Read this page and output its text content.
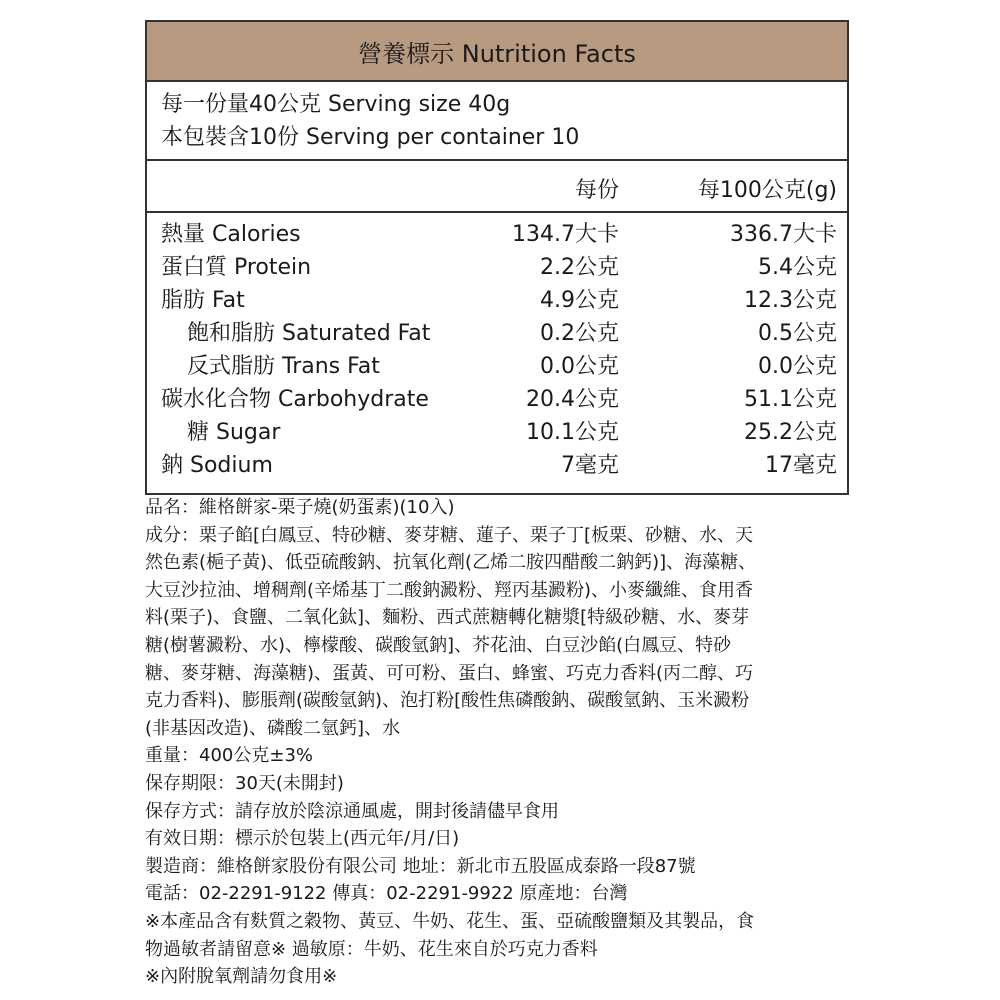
營養標示 Nutrition Facts
每一份量40公克 Serving size 40g
本包裝含10份 Serving per container 10
每份	每100公克(g)
熱量 Calories	134.7大卡	336.7大卡
蛋白質 Protein	2.2公克	5.4公克
脂肪 Fat	4.9公克	12.3公克
飽和脂肪 Saturated Fat	0.2公克	0.5公克
反式脂肪 Trans Fat	0.0公克	0.0公克
碳水化合物 Carbohydrate	20.4公克	51.1公克
糖 Sugar	10.1公克	25.2公克
鈉 Sodium	7毫克	17毫克
品名：維格餅家-栗子燒(奶蛋素)(10入)
成分：栗子餡[白鳳豆、特砂糖、麥芽糖、蓮子、栗子丁[板栗、砂糖、水、天
然色素(梔子黃)、低亞硫酸鈉、抗氧化劑(乙烯二胺四醋酸二鈉鈣)]、海藻糖、
大豆沙拉油、增稠劑(辛烯基丁二酸鈉澱粉、羥丙基澱粉)、小麥纖維、食用香
料(栗子)、食鹽、二氧化鈦]、麵粉、西式蔗糖轉化糖漿[特級砂糖、水、麥芽
糖(樹薯澱粉、水)、檸檬酸、碳酸氫鈉]、芥花油、白豆沙餡(白鳳豆、特砂
糖、麥芽糖、海藻糖)、蛋黃、可可粉、蛋白、蜂蜜、巧克力香料(丙二醇、巧
克力香料)、膨脹劑(碳酸氫鈉)、泡打粉[酸性焦磷酸鈉、碳酸氫鈉、玉米澱粉
(非基因改造)、磷酸二氫鈣]、水
重量：400公克±3%
保存期限：30天(未開封)
保存方式：請存放於陰涼通風處，開封後請儘早食用
有效日期：標示於包裝上(西元年/月/日)
製造商：維格餅家股份有限公司 地址：新北市五股區成泰路一段87號
電話：02-2291-9122 傳真：02-2291-9922 原產地：台灣
※本產品含有麩質之穀物、黃豆、牛奶、花生、蛋、亞硫酸鹽類及其製品，食
物過敏者請留意※ 過敏原：牛奶、花生來自於巧克力香料
※內附脫氧劑請勿食用※
